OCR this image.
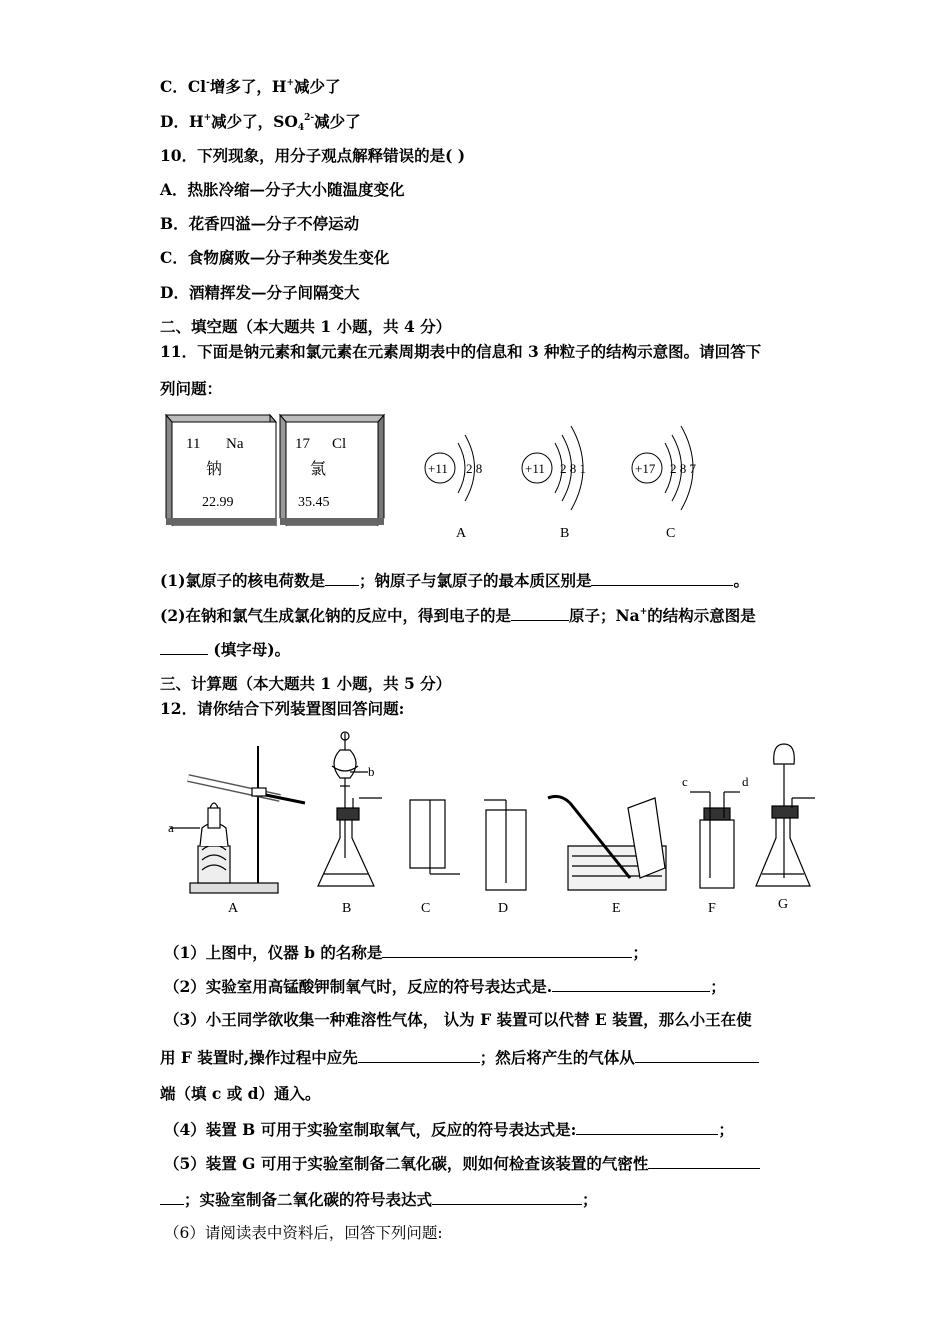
C．Cl-增多了，H+减少了
D．H+减少了，$SO_4^{2-}$减少了
10．下列现象，用分子观点解释错误的是( )
A．热胀冷缩—分子大小随温度变化
B．花香四溢—分子不停运动
C．食物腐败—分子种类发生变化
D．酒精挥发—分子间隔变大
二、填空题（本大题共 1 小题，共 4 分）
11．下面是钠元素和氯元素在元素周期表中的信息和 3 种粒子的结构示意图。请回答下
列问题：
11 Na
钠
22.99
17 Cl
氯
35.45
+11 2 8
A
+11 2 8 1
B
+17 2 8 7
C
(1)氯原子的核电荷数是 ；钠原子与氯原子的最本质区别是	。
(2)在钠和氯气生成氯化钠的反应中，得到电子的是	原子；Na+的结构示意图是
(填字母)。
三、计算题（本大题共 1 小题，共 5 分）
12．请你结合下列装置图回答问题:
a
A
b
B	C	D	E
c	d
F	G
（1）上图中，仪器 b 的名称是	；
（2）实验室用高锰酸钾制氧气时，反应的符号表达式是.	；
（3）小王同学欲收集一种难溶性气体， 认为 F 装置可以代替 E 装置，那么小王在使
用 F 装置时,操作过程中应先	；然后将产生的气体从
端（填 c 或 d）通入。
（4）装置 B 可用于实验室制取氧气，反应的符号表达式是:	；
（5）装置 G 可用于实验室制备二氧化碳，则如何检查该装置的气密性
；实验室制备二氧化碳的符号表达式	；
（6）请阅读表中资料后，回答下列问题:
